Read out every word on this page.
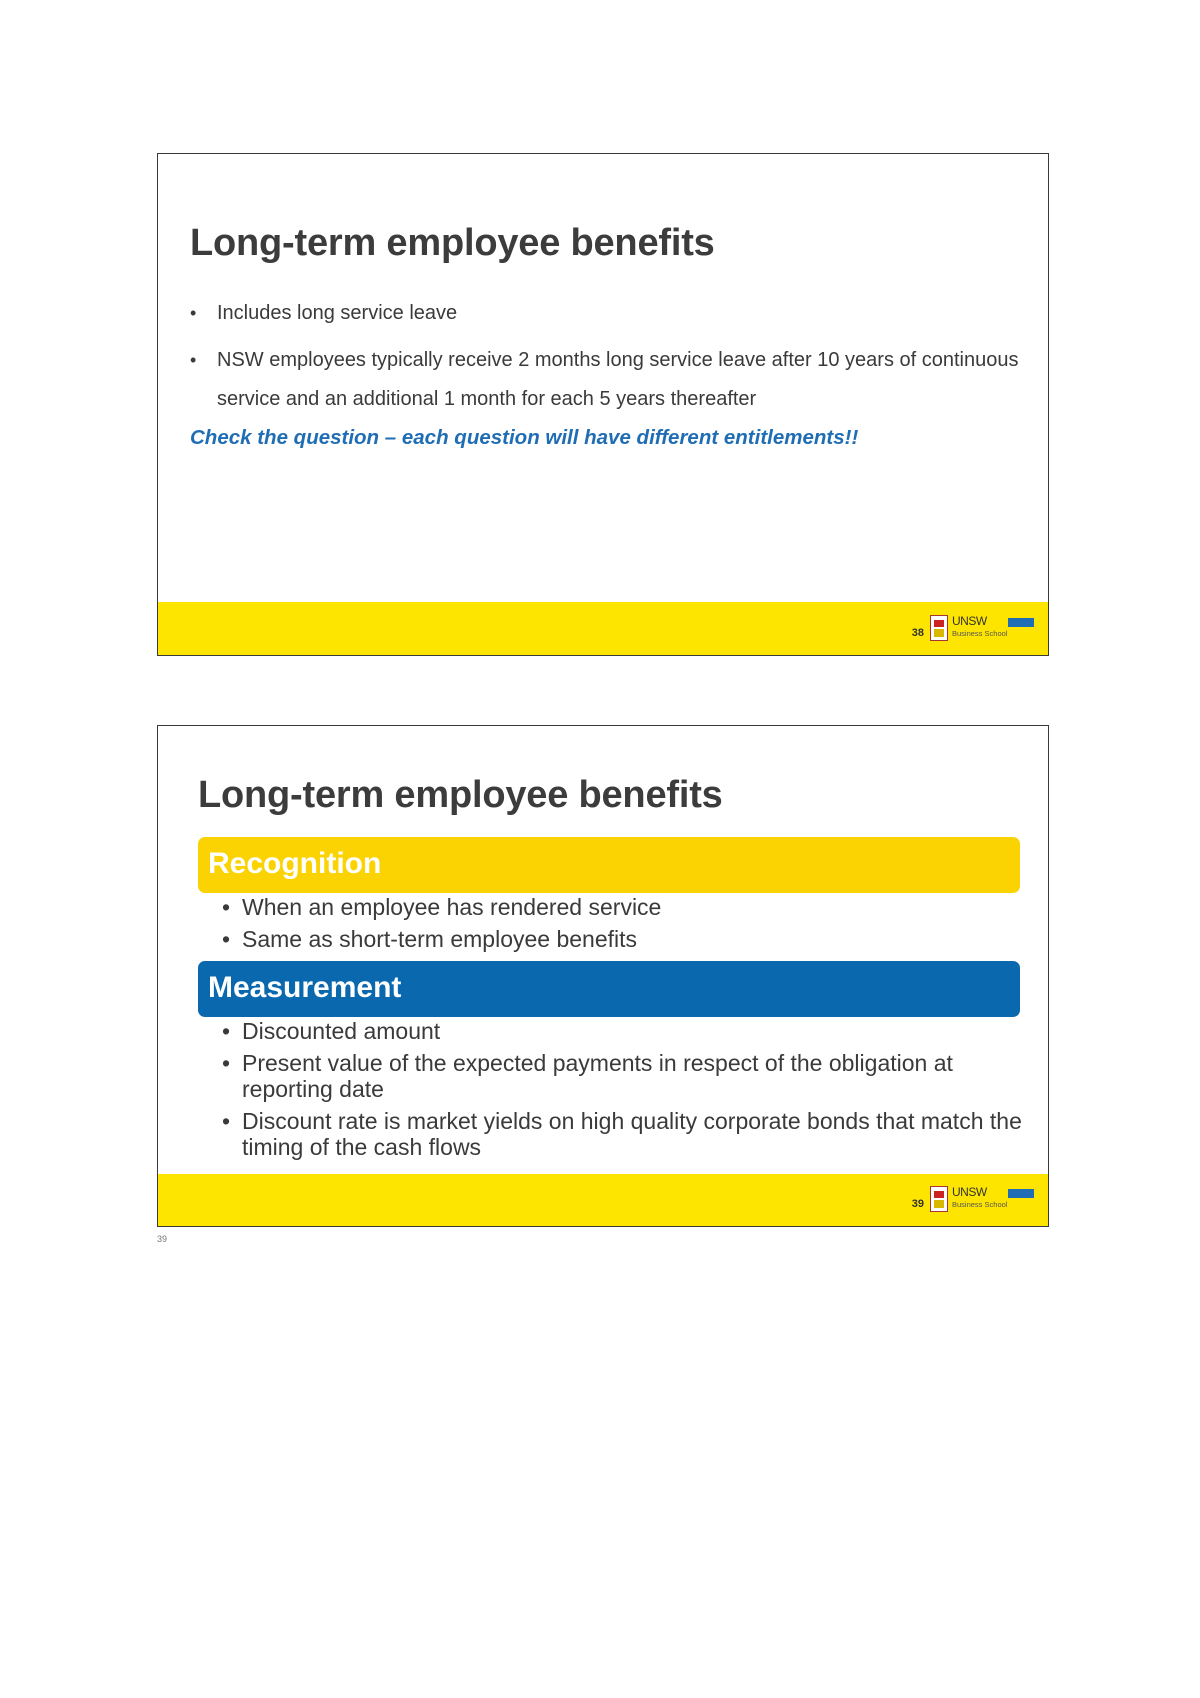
Long-term employee benefits
• Includes long service leave
• NSW employees typically receive 2 months long service leave after 10 years of continuous service and an additional 1 month for each 5 years thereafter
Check the question – each question will have different entitlements!!
38
UNSW
Business School
Long-term employee benefits
Recognition
• When an employee has rendered service
• Same as short-term employee benefits
Measurement
• Discounted amount
• Present value of the expected payments in respect of the obligation at reporting date
• Discount rate is market yields on high quality corporate bonds that match the timing of the cash flows
39
UNSW
Business School
39
